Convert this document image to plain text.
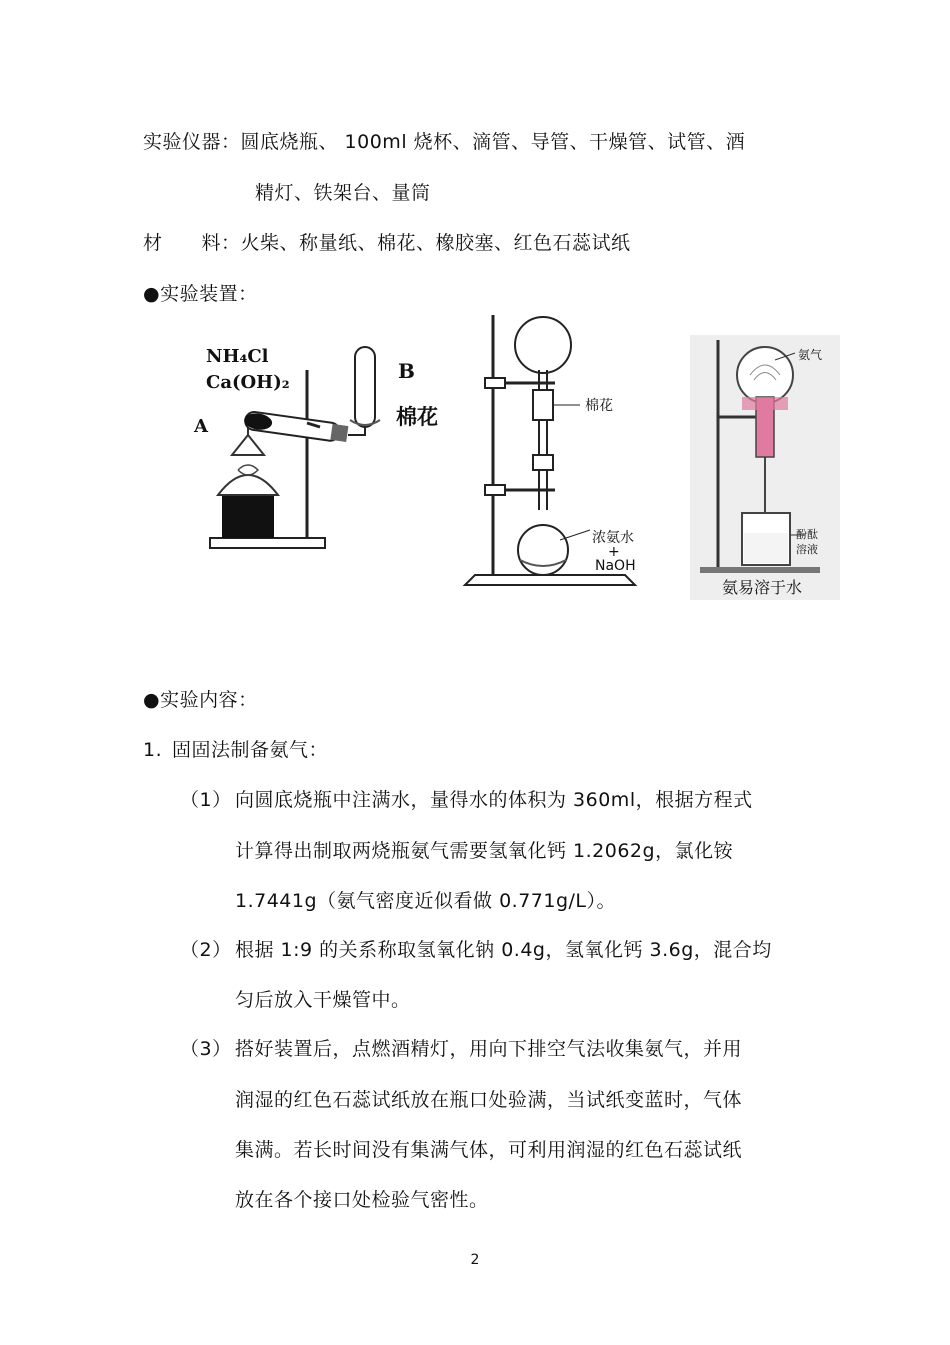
实验仪器：圆底烧瓶、 100ml 烧杯、滴管、导管、干燥管、试管、酒
精灯、铁架台、量筒
材　　料：火柴、称量纸、棉花、橡胶塞、红色石蕊试纸
●实验装置：
NH₄Cl
Ca(OH)₂
A
B
棉花	棉花
浓氨水
+
NaOH
氨气
酚酞
溶液
氨易溶于水
●实验内容：
1. 固固法制备氨气：
（1） 向圆底烧瓶中注满水，量得水的体积为 360ml，根据方程式
计算得出制取两烧瓶氨气需要氢氧化钙 1.2062g，氯化铵
1.7441g（氨气密度近似看做 0.771g/L）。
（2） 根据 1:9 的关系称取氢氧化钠 0.4g，氢氧化钙 3.6g，混合均
匀后放入干燥管中。
（3） 搭好装置后，点燃酒精灯，用向下排空气法收集氨气，并用
润湿的红色石蕊试纸放在瓶口处验满，当试纸变蓝时，气体
集满。若长时间没有集满气体，可利用润湿的红色石蕊试纸
放在各个接口处检验气密性。
2
